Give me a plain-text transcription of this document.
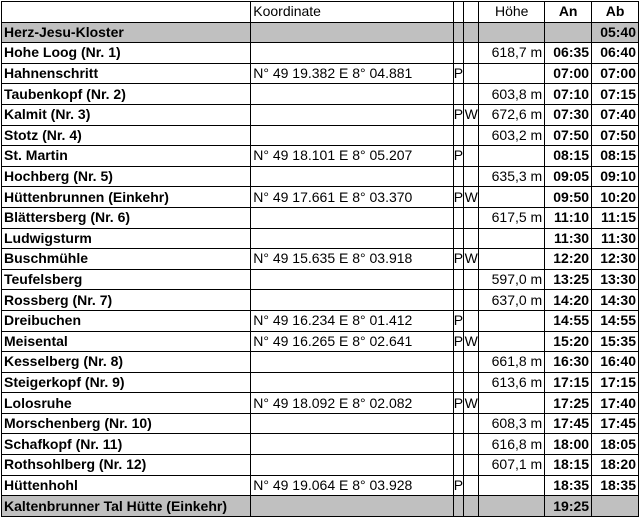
	Koordinate			Höhe	An	Ab
Herz-Jesu-Kloster						05:40
Hohe Loog (Nr. 1)				618,7 m	06:35	06:40
Hahnenschritt	N° 49 19.382 E 8° 04.881	P			07:00	07:00
Taubenkopf (Nr. 2)				603,8 m	07:10	07:15
Kalmit (Nr. 3)		P	W	672,6 m	07:30	07:40
Stotz (Nr. 4)				603,2 m	07:50	07:50
St. Martin	N° 49 18.101 E 8° 05.207	P			08:15	08:15
Hochberg (Nr. 5)				635,3 m	09:05	09:10
Hüttenbrunnen (Einkehr)	N° 49 17.661 E 8° 03.370	P	W		09:50	10:20
Blättersberg (Nr. 6)				617,5 m	11:10	11:15
Ludwigsturm					11:30	11:30
Buschmühle	N° 49 15.635 E 8° 03.918	P	W		12:20	12:30
Teufelsberg				597,0 m	13:25	13:30
Rossberg (Nr. 7)				637,0 m	14:20	14:30
Dreibuchen	N° 49 16.234 E 8° 01.412	P			14:55	14:55
Meisental	N° 49 16.265 E 8° 02.641	P	W		15:20	15:35
Kesselberg (Nr. 8)				661,8 m	16:30	16:40
Steigerkopf (Nr. 9)				613,6 m	17:15	17:15
Lolosruhe	N° 49 18.092 E 8° 02.082	P	W		17:25	17:40
Morschenberg (Nr. 10)				608,3 m	17:45	17:45
Schafkopf (Nr. 11)				616,8 m	18:00	18:05
Rothsohlberg (Nr. 12)				607,1 m	18:15	18:20
Hüttenhohl	N° 49 19.064 E 8° 03.928	P			18:35	18:35
Kaltenbrunner Tal Hütte (Einkehr)					19:25	
